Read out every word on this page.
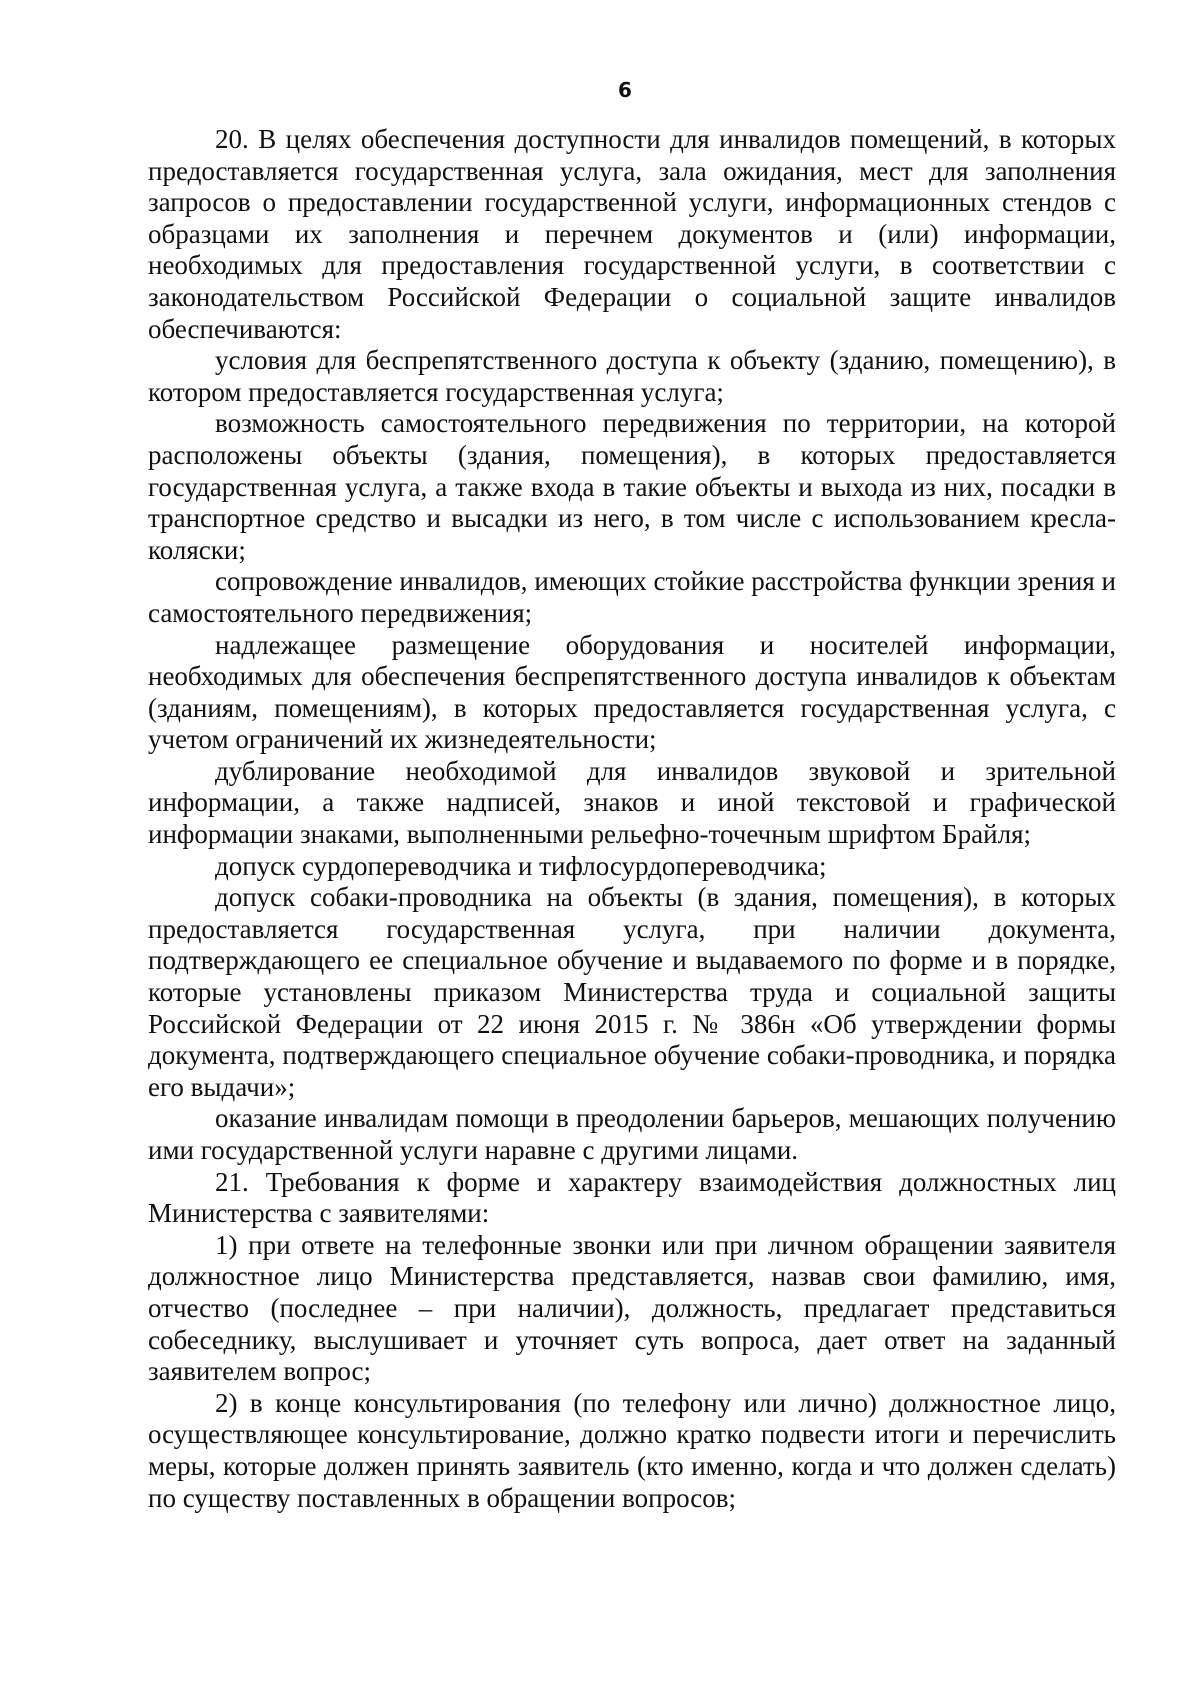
6

20. В целях обеспечения доступности для инвалидов помещений, в которых предоставляется государственная услуга, зала ожидания, мест для заполнения запросов о предоставлении государственной услуги, информационных стендов с образцами их заполнения и перечнем документов и (или) информации, необходимых для предоставления государственной услуги, в соответствии с законодательством Российской Федерации о социальной защите инвалидов обеспечиваются:

условия для беспрепятственного доступа к объекту (зданию, помещению), в котором предоставляется государственная услуга;

возможность самостоятельного передвижения по территории, на которой расположены объекты (здания, помещения), в которых предоставляется государственная услуга, а также входа в такие объекты и выхода из них, посадки в транспортное средство и высадки из него, в том числе с использованием кресла-коляски;

сопровождение инвалидов, имеющих стойкие расстройства функции зрения и самостоятельного передвижения;

надлежащее размещение оборудования и носителей информации, необходимых для обеспечения беспрепятственного доступа инвалидов к объектам (зданиям, помещениям), в которых предоставляется государственная услуга, с учетом ограничений их жизнедеятельности;

дублирование необходимой для инвалидов звуковой и зрительной информации, а также надписей, знаков и иной текстовой и графической информации знаками, выполненными рельефно-точечным шрифтом Брайля;

допуск сурдопереводчика и тифлосурдопереводчика;

допуск собаки-проводника на объекты (в здания, помещения), в которых предоставляется государственная услуга, при наличии документа, подтверждающего ее специальное обучение и выдаваемого по форме и в порядке, которые установлены приказом Министерства труда и социальной защиты Российской Федерации от 22 июня 2015 г. № 386н «Об утверждении формы документа, подтверждающего специальное обучение собаки-проводника, и порядка его выдачи»;

оказание инвалидам помощи в преодолении барьеров, мешающих получению ими государственной услуги наравне с другими лицами.

21. Требования к форме и характеру взаимодействия должностных лиц Министерства с заявителями:

1) при ответе на телефонные звонки или при личном обращении заявителя должностное лицо Министерства представляется, назвав свои фамилию, имя, отчество (последнее – при наличии), должность, предлагает представиться собеседнику, выслушивает и уточняет суть вопроса, дает ответ на заданный заявителем вопрос;

2) в конце консультирования (по телефону или лично) должностное лицо, осуществляющее консультирование, должно кратко подвести итоги и перечислить меры, которые должен принять заявитель (кто именно, когда и что должен сделать) по существу поставленных в обращении вопросов;
